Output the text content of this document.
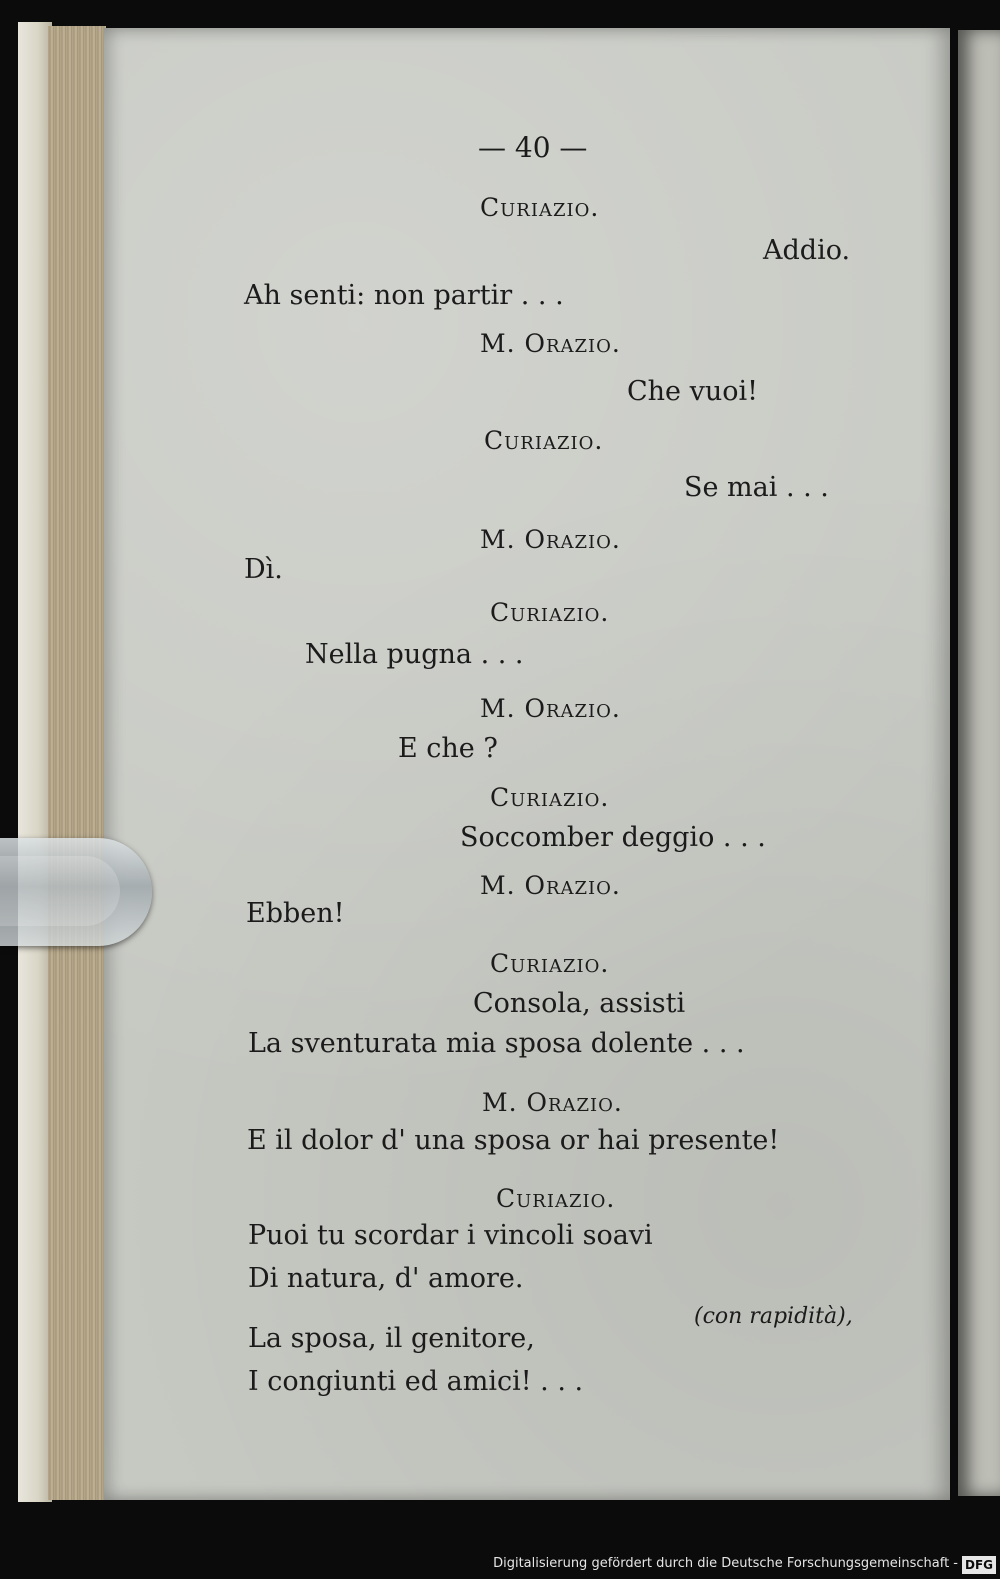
— 40 —
Curiazio.
Addio.
Ah senti: non partir . . .
M. Orazio.
Che vuoi!
Curiazio.
Se mai . . .
M. Orazio.
Dì.
Curiazio.
Nella pugna . . .
M. Orazio.
E che ?
Curiazio.
Soccomber deggio . . .
M. Orazio.
Ebben!
Curiazio.
Consola, assisti
La sventurata mia sposa dolente . . .
M. Orazio.
E il dolor d' una sposa or hai presente!
Curiazio.
Puoi tu scordar i vincoli soavi
Di natura, d' amore.
(con rapidità),
La sposa, il genitore,
I congiunti ed amici! . . .
Digitalisierung gefördert durch die Deutsche Forschungsgemeinschaft - DFG
